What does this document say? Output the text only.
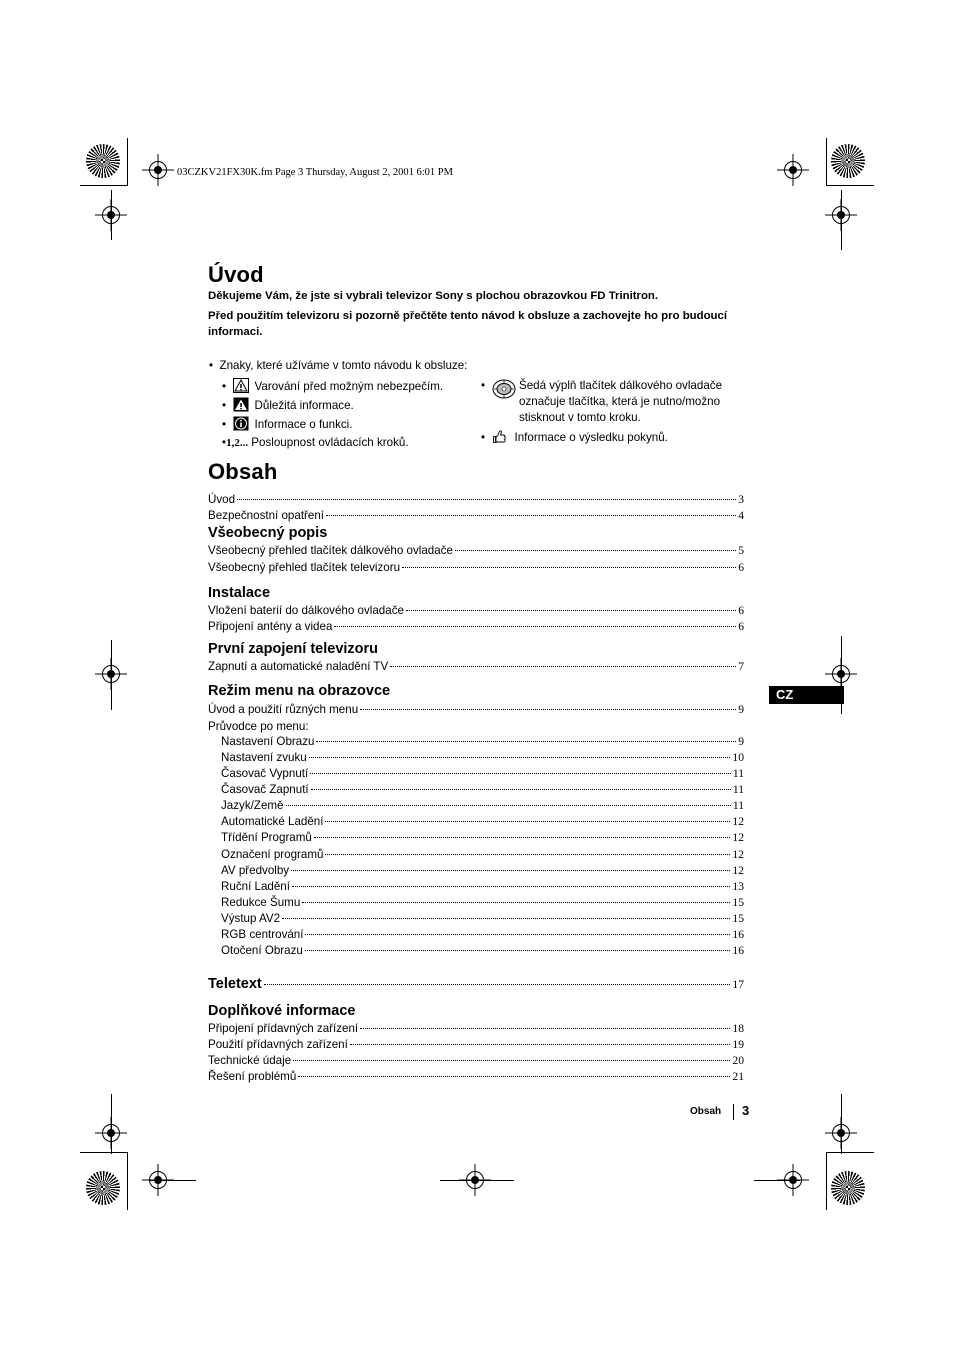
03CZKV21FX30K.fm Page 3 Thursday, August 2, 2001 6:01 PM
Úvod

Děkujeme Vám, že jste si vybrali televizor Sony s plochou obrazovkou FD Trinitron.

Před použitím televizoru si pozorně přečtěte tento návod k obsluze a zachovejte ho pro budoucí informaci.

•  Znaky, které užíváme v tomto návodu k obsluze:
•  Varování před možným nebezpečím.
•  Důležitá informace.
•  Informace o funkci.
•1,2... Posloupnost ovládacích kroků.
•	Šedá výplň tlačítek dálkového ovladače označuje tlačítka, která je nutno/možno stisknout v tomto kroku.
•  Informace o výsledku pokynů.
Obsah
Úvod	3
Bezpečnostní opatření	4
Všeobecný popis
Všeobecný přehled tlačítek dálkového ovladače	5
Všeobecný přehled tlačítek televizoru	6
Instalace
Vložení baterií do dálkového ovladače	6
Připojení antény a videa	6
První zapojení televizoru
Zapnutí a automatické naladění TV	7
Režim menu na obrazovce
Úvod a použití různých menu	9
Průvodce po menu:
Nastavení Obrazu	9
Nastavení zvuku	10
Časovač Vypnutí	11
Časovač Zapnutí	11
Jazyk/Země	11
Automatické Ladění	12
Třídění Programů	12
Označení programů	12
AV předvolby	12
Ruční Ladění	13
Redukce Šumu	15
Výstup AV2	15
RGB centrování	16
Otočení Obrazu	16
Teletext	17
Doplňkové informace
Připojení přídavných zařízení	18
Použití přídavných zařízení	19
Technické údaje	20
Řešení problémů	21
CZ
Obsah 3
